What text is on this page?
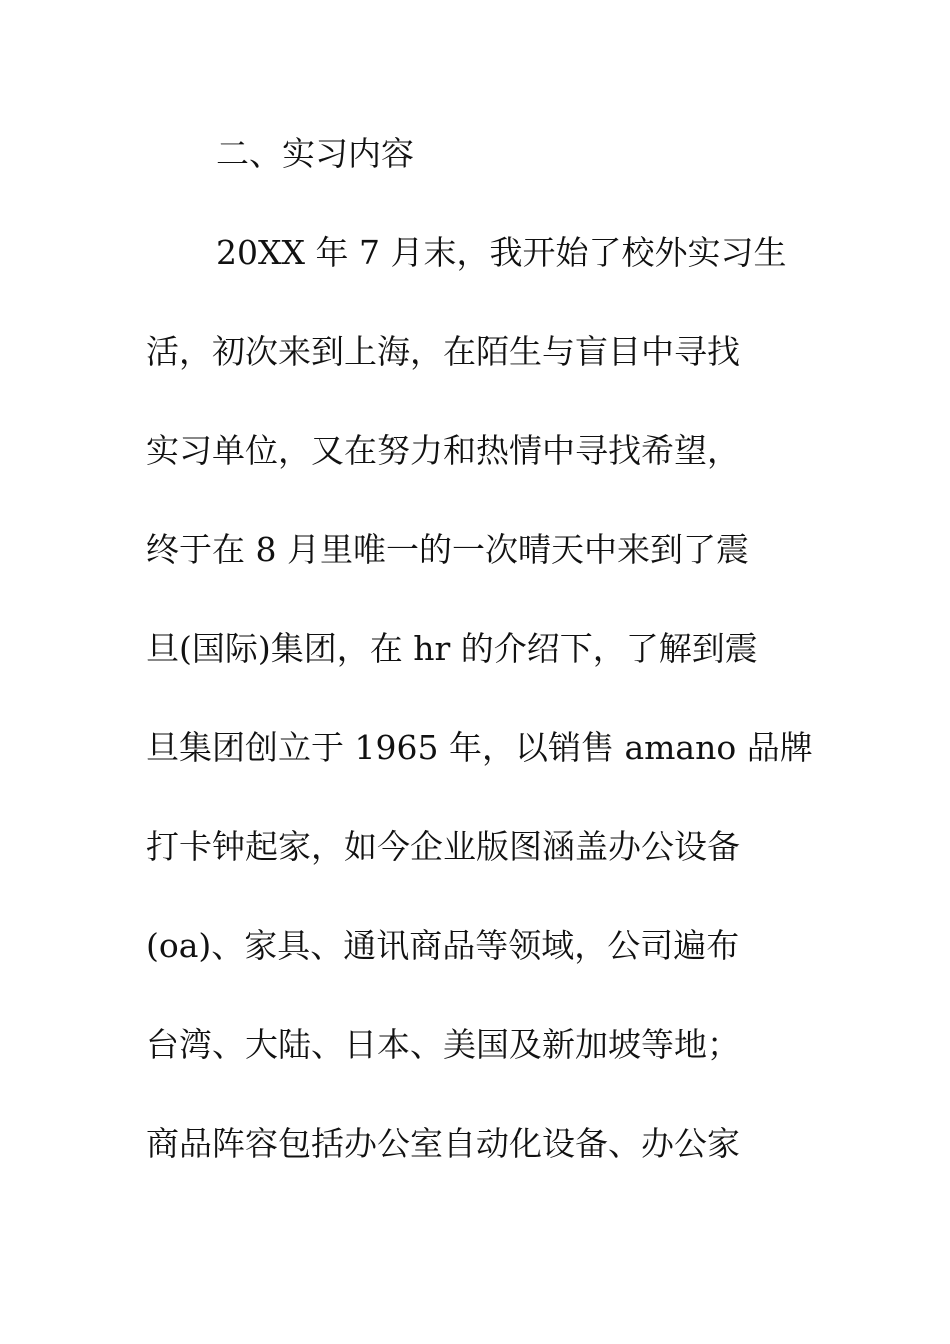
二、实习内容
20XX 年 7 月末，我开始了校外实习生
活，初次来到上海，在陌生与盲目中寻找
实习单位，又在努力和热情中寻找希望，
终于在 8 月里唯一的一次晴天中来到了震
旦(国际)集团，在 hr 的介绍下，了解到震
旦集团创立于 1965 年，以销售 amano 品牌
打卡钟起家，如今企业版图涵盖办公设备
(oa)、家具、通讯商品等领域，公司遍布
台湾、大陆、日本、美国及新加坡等地；
商品阵容包括办公室自动化设备、办公家
